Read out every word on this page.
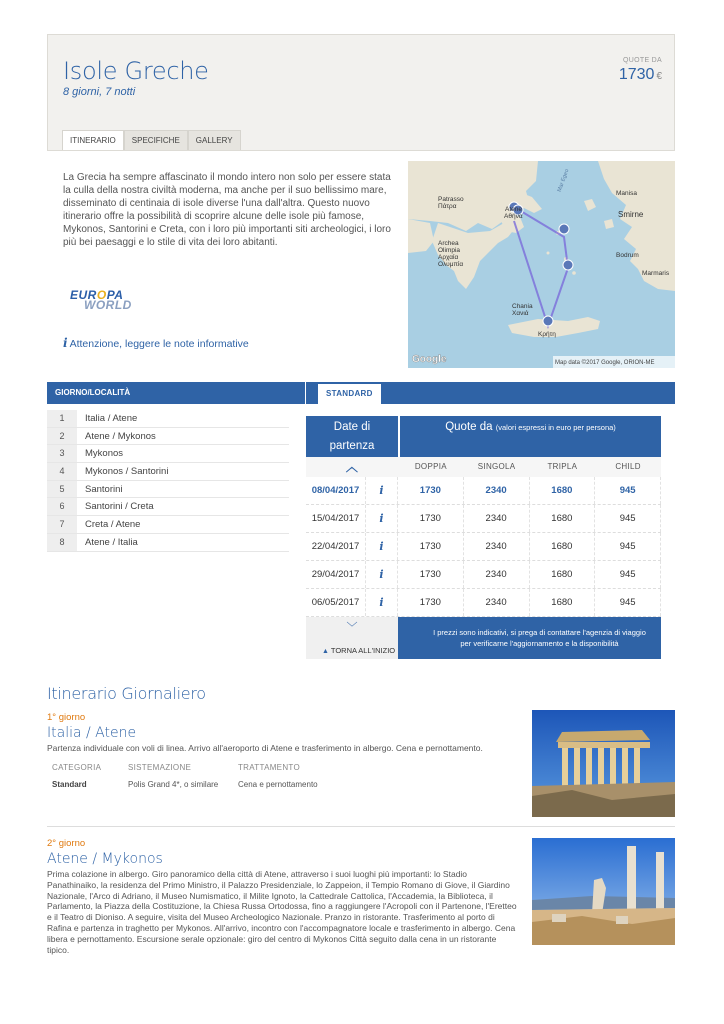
Isole Greche
8 giorni, 7 notti
QUOTE DA
1730 €
ITINERARIO	SPECIFICHE	GALLERY
La Grecia ha sempre affascinato il mondo intero non solo per essere stata la culla della nostra civiltà moderna, ma anche per il suo bellissimo mare, disseminato di centinaia di isole diverse l'una dall'altra. Questo nuovo itinerario offre la possibilità di scoprire alcune delle isole più famose, Mykonos, Santorini e Creta, con i loro più importanti siti archeologici, i loro più bei paesaggi e lo stile di vita dei loro abitanti.
EUROPA
WORLD
i Attenzione, leggere le note informative
Patrasso
Πάτρα	Atene
Αθήνα
Archea
Olimpia
Αρχαία
Ολυμπία
Manisa
Smirne
Bodrum
Marmaris
Chania
Χανιά
Κρήτη
Mar Egeo
Google	Map data ©2017 Google, ORION-ME
GIORNO/LOCALITÀ
1	Italia / Atene
2	Atene / Mykonos
3	Mykonos
4	Mykonos / Santorini
5	Santorini
6	Santorini / Creta
7	Creta / Atene
8	Atene / Italia
STANDARD
Date di
partenza
Quote da (valori espressi in euro per persona)
︿	DOPPIA	SINGOLA	TRIPLA	CHILD
08/04/2017	i	1730	2340	1680	945
15/04/2017	i	1730	2340	1680	945
22/04/2017	i	1730	2340	1680	945
29/04/2017	i	1730	2340	1680	945
06/05/2017	i	1730	2340	1680	945
﹀
▲ TORNA ALL'INIZIO
I prezzi sono indicativi, si prega di contattare l'agenzia di viaggio per verificarne l'aggiornamento e la disponibilità
Itinerario Giornaliero
1° giorno
Italia / Atene
Partenza individuale con voli di linea. Arrivo all'aeroporto di Atene e trasferimento in albergo. Cena e pernottamento.
CATEGORIA	SISTEMAZIONE	TRATTAMENTO
Standard	Polis Grand 4*, o similare	Cena e pernottamento
2° giorno
Atene / Mykonos
Prima colazione in albergo. Giro panoramico della città di Atene, attraverso i suoi luoghi più importanti: lo Stadio Panathinaiko, la residenza del Primo Ministro, il Palazzo Presidenziale, lo Zappeion, il Tempio Romano di Giove, il Giardino Nazionale, l'Arco di Adriano, il Museo Numismatico, il Milite Ignoto, la Cattedrale Cattolica, l'Accademia, la Biblioteca, il Parlamento, la Piazza della Costituzione, la Chiesa Russa Ortodossa, fino a raggiungere l'Acropoli con il Partenone, l'Eretteo e il Teatro di Dioniso. A seguire, visita del Museo Archeologico Nazionale. Pranzo in ristorante. Trasferimento al porto di Rafina e partenza in traghetto per Mykonos. All'arrivo, incontro con l'accompagnatore locale e trasferimento in albergo. Cena libera e pernottamento. Escursione serale opzionale: giro del centro di Mykonos Città seguito dalla cena in un ristorante tipico.
